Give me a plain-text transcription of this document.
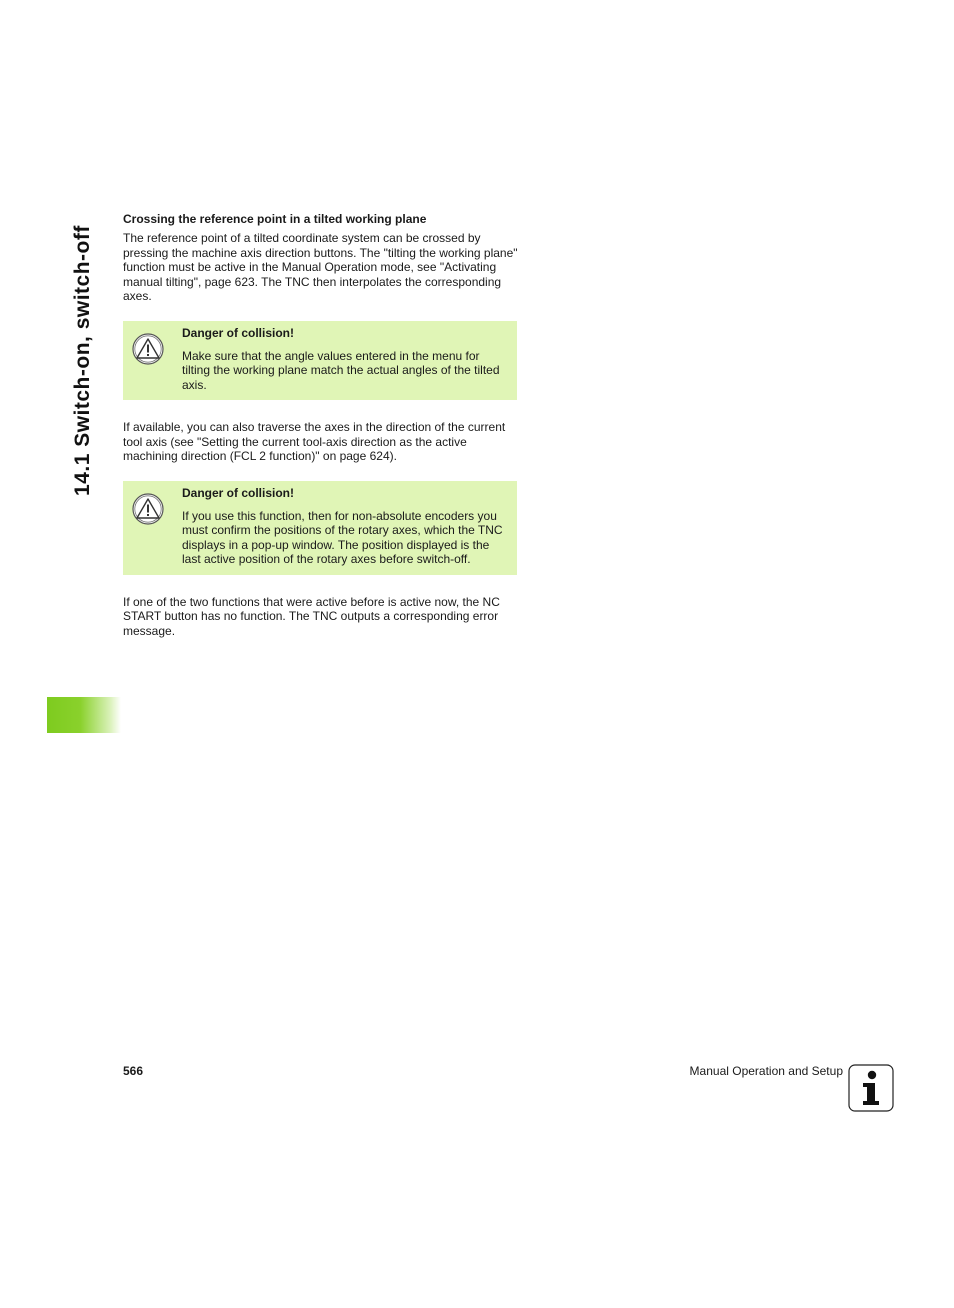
14.1 Switch-on, switch-off

Crossing the reference point in a tilted working plane

The reference point of a tilted coordinate system can be crossed by pressing the machine axis direction buttons. The "tilting the working plane" function must be active in the Manual Operation mode, see "Activating manual tilting", page 623. The TNC then interpolates the corresponding axes.

Danger of collision!

Make sure that the angle values entered in the menu for tilting the working plane match the actual angles of the tilted axis.

If available, you can also traverse the axes in the direction of the current tool axis (see "Setting the current tool-axis direction as the active machining direction (FCL 2 function)" on page 624).

Danger of collision!

If you use this function, then for non-absolute encoders you must confirm the positions of the rotary axes, which the TNC displays in a pop-up window. The position displayed is the last active position of the rotary axes before switch-off.

If one of the two functions that were active before is active now, the NC START button has no function. The TNC outputs a corresponding error message.

566	Manual Operation and Setup
